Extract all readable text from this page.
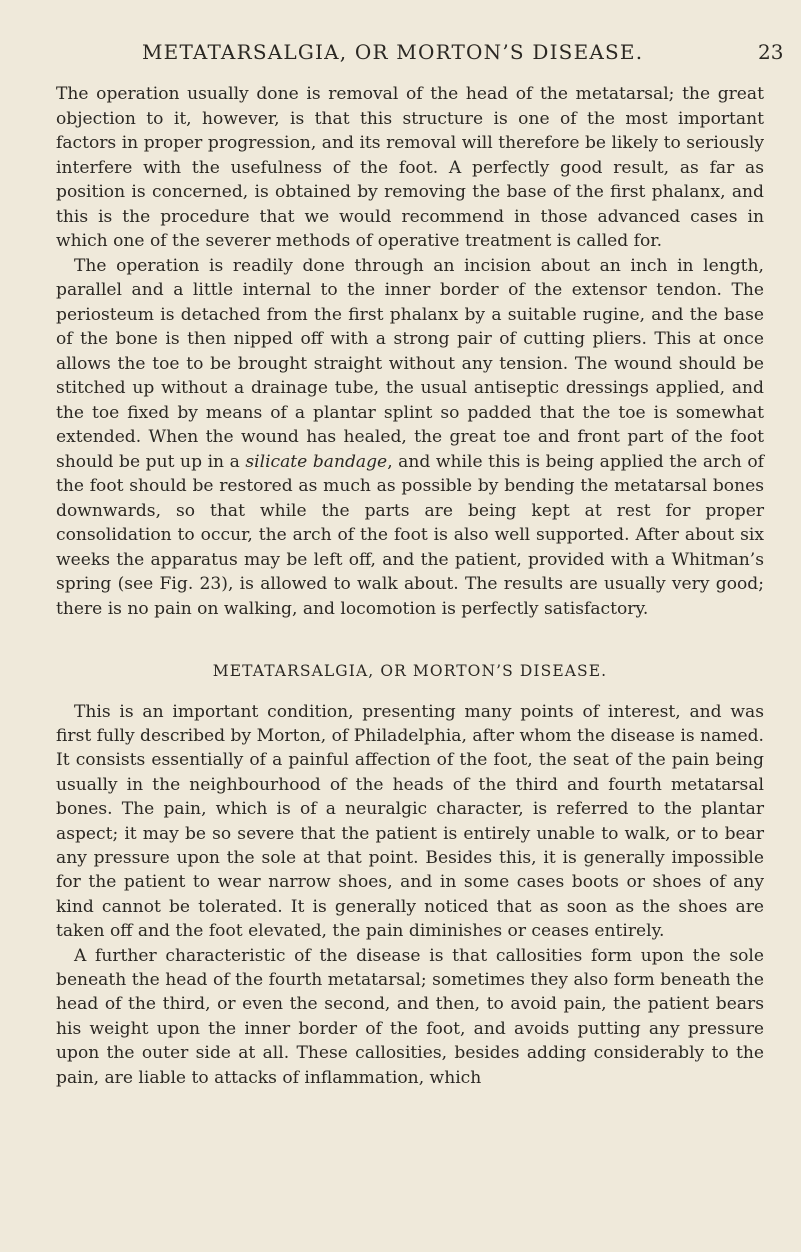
METATARSALGIA, OR MORTON’S DISEASE.	23

The operation usually done is removal of the head of the metatarsal; the great objection to it, however, is that this structure is one of the most important factors in proper progression, and its removal will therefore be likely to seriously interfere with the usefulness of the foot. A perfectly good result, as far as position is concerned, is obtained by removing the base of the first phalanx, and this is the procedure that we would recommend in those advanced cases in which one of the severer methods of operative treatment is called for.

The operation is readily done through an incision about an inch in length, parallel and a little internal to the inner border of the extensor tendon. The periosteum is detached from the first phalanx by a suitable rugine, and the base of the bone is then nipped off with a strong pair of cutting pliers. This at once allows the toe to be brought straight without any tension. The wound should be stitched up without a drainage tube, the usual antiseptic dressings applied, and the toe fixed by means of a plantar splint so padded that the toe is somewhat extended. When the wound has healed, the great toe and front part of the foot should be put up in a silicate bandage, and while this is being applied the arch of the foot should be restored as much as possible by bending the metatarsal bones downwards, so that while the parts are being kept at rest for proper consolidation to occur, the arch of the foot is also well supported. After about six weeks the apparatus may be left off, and the patient, provided with a Whitman’s spring (see Fig. 23), is allowed to walk about. The results are usually very good; there is no pain on walking, and locomotion is perfectly satisfactory.

METATARSALGIA, OR MORTON’S DISEASE.

This is an important condition, presenting many points of interest, and was first fully described by Morton, of Philadelphia, after whom the disease is named. It consists essentially of a painful affection of the foot, the seat of the pain being usually in the neighbourhood of the heads of the third and fourth metatarsal bones. The pain, which is of a neuralgic character, is referred to the plantar aspect; it may be so severe that the patient is entirely unable to walk, or to bear any pressure upon the sole at that point. Besides this, it is generally impossible for the patient to wear narrow shoes, and in some cases boots or shoes of any kind cannot be tolerated. It is generally noticed that as soon as the shoes are taken off and the foot elevated, the pain diminishes or ceases entirely.

A further characteristic of the disease is that callosities form upon the sole beneath the head of the fourth metatarsal; sometimes they also form beneath the head of the third, or even the second, and then, to avoid pain, the patient bears his weight upon the inner border of the foot, and avoids putting any pressure upon the outer side at all. These callosities, besides adding considerably to the pain, are liable to attacks of inflammation, which
